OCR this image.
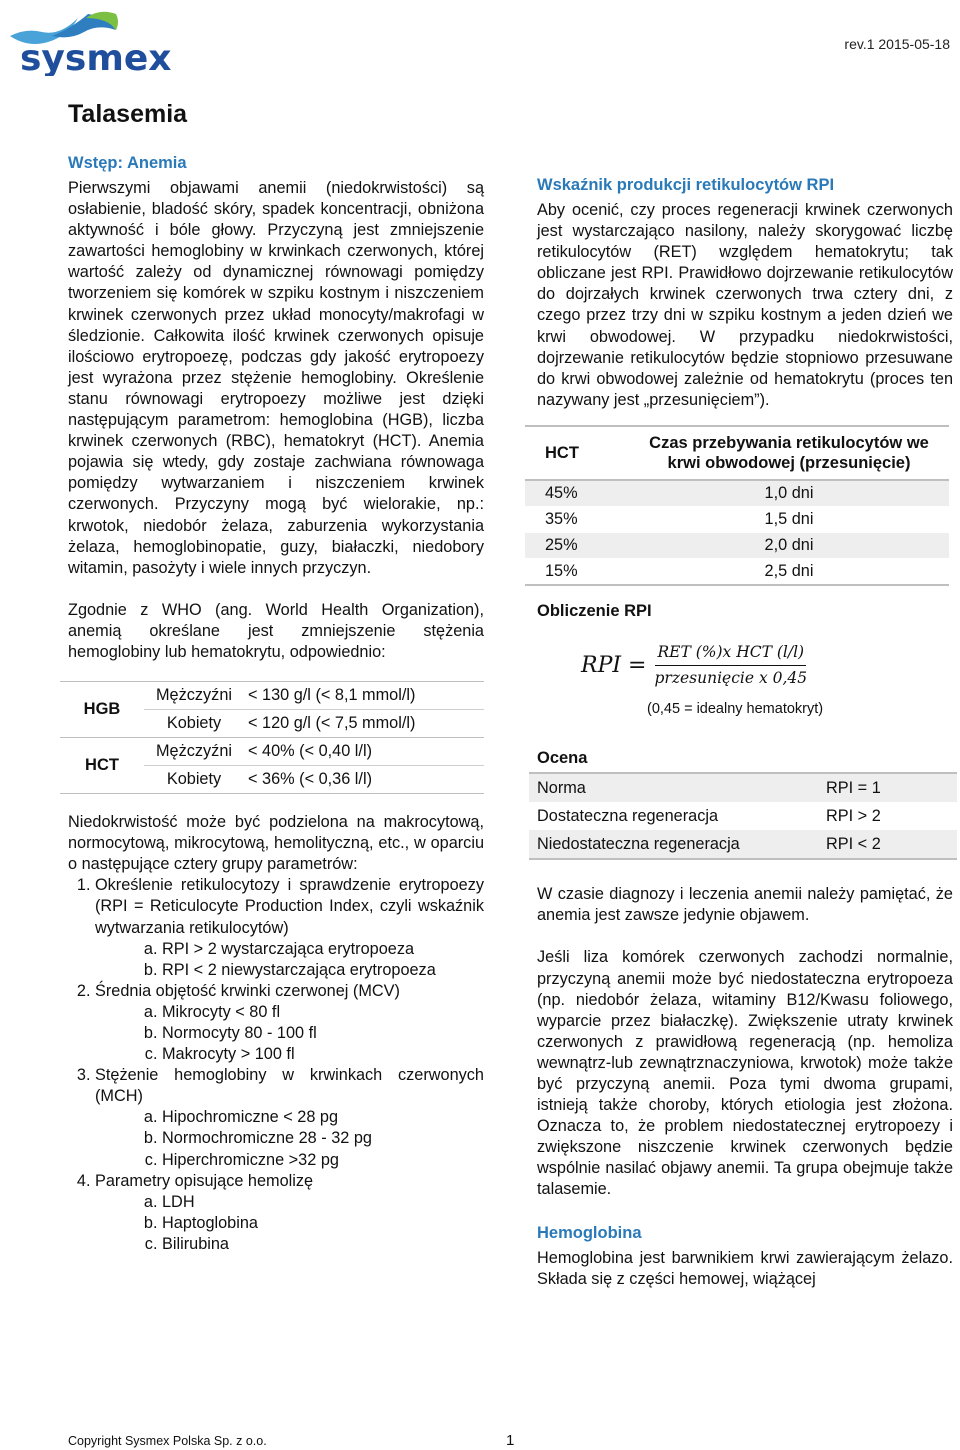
sysmex	rev.1 2015-05-18
Talasemia
Wstęp: Anemia

Pierwszymi objawami anemii (niedokrwistości) są osłabienie, bladość skóry, spadek koncentracji, obniżona aktywność i bóle głowy. Przyczyną jest zmniejszenie zawartości hemoglobiny w krwinkach czerwonych, której wartość zależy od dynamicznej równowagi pomiędzy tworzeniem się komórek w szpiku kostnym i niszczeniem krwinek czerwonych przez układ monocyty/makrofagi w śledzionie. Całkowita ilość krwinek czerwonych opisuje ilościowo erytropoezę, podczas gdy jakość erytropoezy jest wyrażona przez stężenie hemoglobiny. Określenie stanu równowagi erytropoezy możliwe jest dzięki następującym parametrom: hemoglobina (HGB), liczba krwinek czerwonych (RBC), hematokryt (HCT). Anemia pojawia się wtedy, gdy zostaje zachwiana równowaga pomiędzy wytwarzaniem i niszczeniem krwinek czerwonych. Przyczyny mogą być wielorakie, np.: krwotok, niedobór żelaza, zaburzenia wykorzystania żelaza, hemoglobinopatie, guzy, białaczki, niedobory witamin, pasożyty i wiele innych przyczyn.

Zgodnie z WHO (ang. World Health Organization), anemią określane jest zmniejszenie stężenia hemoglobiny lub hematokrytu, odpowiednio:

HGB	Mężczyźni	< 130 g/l (< 8,1 mmol/l)
	Kobiety	< 120 g/l (< 7,5 mmol/l)
HCT	Mężczyźni	< 40% (< 0,40 l/l)
	Kobiety	< 36% (< 0,36 l/l)

Niedokrwistość może być podzielona na makrocytową, normocytową, mikrocytową, hemolityczną, etc., w oparciu o następujące cztery grupy parametrów:

1. Określenie retikulocytozy i sprawdzenie erytropoezy (RPI = Reticulocyte Production Index, czyli wskaźnik wytwarzania retikulocytów)
a. RPI > 2 wystarczająca erytropoeza
b. RPI < 2 niewystarczająca erytropoeza
2. Średnia objętość krwinki czerwonej (MCV)
a. Mikrocyty < 80 fl
b. Normocyty 80 - 100 fl
c. Makrocyty > 100 fl
3. Stężenie hemoglobiny w krwinkach czerwonych (MCH)
a. Hipochromiczne < 28 pg
b. Normochromiczne 28 - 32 pg
c. Hiperchromiczne >32 pg
4. Parametry opisujące hemolizę
a. LDH
b. Haptoglobina
c. Bilirubina
Wskaźnik produkcji retikulocytów RPI

Aby ocenić, czy proces regeneracji krwinek czerwonych jest wystarczająco nasilony, należy skorygować liczbę retikulocytów (RET) względem hematokrytu; tak obliczane jest RPI. Prawidłowo dojrzewanie retikulocytów do dojrzałych krwinek czerwonych trwa cztery dni, z czego przez trzy dni w szpiku kostnym a jeden dzień we krwi obwodowej. W przypadku niedokrwistości, dojrzewanie retikulocytów będzie stopniowo przesuwane do krwi obwodowej zależnie od hematokrytu (proces ten nazywany jest „przesunięciem”).

HCT	Czas przebywania retikulocytów we krwi obwodowej (przesunięcie)
45%	1,0 dni
35%	1,5 dni
25%	2,0 dni
15%	2,5 dni
Obliczenie RPI
RPI = $\frac{\text{RET (\%)x HCT (l/l)}}{\text{przesunięcie x 0,45}}$
(0,45 = idealny hematokryt)
Ocena	
Norma	RPI = 1
Dostateczna regeneracja	RPI > 2
Niedostateczna regeneracja	RPI < 2

W czasie diagnozy i leczenia anemii należy pamiętać, że anemia jest zawsze jedynie objawem.

Jeśli liza komórek czerwonych zachodzi normalnie, przyczyną anemii może być niedostateczna erytropoeza (np. niedobór żelaza, witaminy B12/Kwasu foliowego, wyparcie przez białaczkę). Zwiększenie utraty krwinek czerwonych z prawidłową regeneracją (np. hemoliza wewnątrz-lub zewnątrznaczyniowa, krwotok) może także być przyczyną anemii. Poza tymi dwoma grupami, istnieją także choroby, których etiologia jest złożona. Oznacza to, że problem niedostatecznej erytropoezy i zwiększone niszczenie krwinek czerwonych będzie wspólnie nasilać objawy anemii. Ta grupa obejmuje także talasemie.

Hemoglobina

Hemoglobina jest barwnikiem krwi zawierającym żelazo. Składa się z części hemowej, wiążącej

Copyright Sysmex Polska Sp. z o.o.	1
